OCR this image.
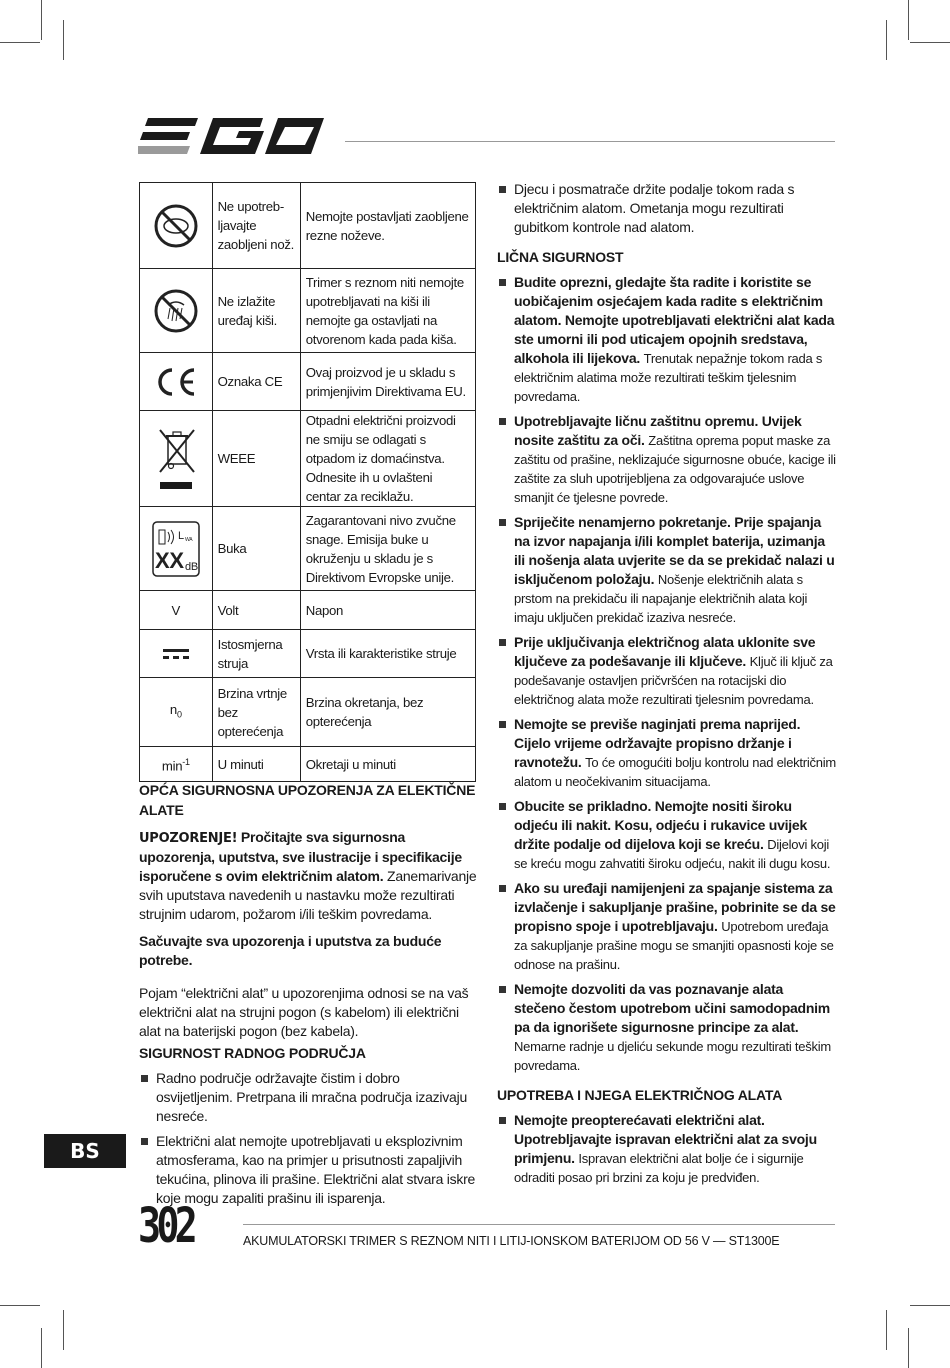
	Ne upotreb-ljavajte zaobljeni nož.	Nemojte postavljati zaobljene rezne noževe.

	Ne izlažite uređaj kiši.	Trimer s reznom niti nemojte upotrebljavati na kiši ili nemojte ga ostavljati na otvorenom kada pada kiša.

	Oznaka CE	Ovaj proizvod je u skladu s primjenjivim Direktivama EU.

	WEEE	Otpadni električni proizvodi ne smiju se odlagati s otpadom iz domaćinstva. Odnesite ih u ovlašteni centar za reciklažu.

L WA
XX dB	Buka	Zagarantovani nivo zvučne snage. Emisija buke u okruženju u skladu je s Direktivom Evropske unije.
V	Volt	Napon

	Istosmjerna struja	Vrsta ili karakteristike struje
$n_0$	Brzina vrtnje bez opterećenja	Brzina okretanja, bez opterećenja
$\min^{-1}$	U minuti	Okretaji u minuti
OPĆA SIGURNOSNA UPOZORENJA ZA ELEKTIČNE ALATE

UPOZORENJE! Pročitajte sva sigurnosna upozorenja, uputstva, sve ilustracije i specifikacije isporučene s ovim električnim alatom. Zanemarivanje svih uputstava navedenih u nastavku može rezultirati strujnim udarom, požarom i/ili teškim povredama.

Sačuvajte sva upozorenja i uputstva za buduće potrebe.

Pojam “električni alat” u upozorenjima odnosi se na vaš električni alat na strujni pogon (s kabelom) ili električni alat na baterijski pogon (bez kabela).

SIGURNOST RADNOG PODRUČJA
Radno područje održavajte čistim i dobro osvijetljenim. Pretrpana ili mračna područja izazivaju nesreće.
Električni alat nemojte upotrebljavati u eksplozivnim atmosferama, kao na primjer u prisutnosti zapaljivih tekućina, plinova ili prašine. Električni alat stvara iskre koje mogu zapaliti prašinu ili isparenja.
Djecu i posmatrače držite podalje tokom rada s električnim alatom. Ometanja mogu rezultirati gubitkom kontrole nad alatom.
LIČNA SIGURNOST
Budite oprezni, gledajte šta radite i koristite se uobičajenim osjećajem kada radite s električnim alatom. Nemojte upotrebljavati električni alat kada ste umorni ili pod uticajem opojnih sredstava, alkohola ili lijekova. Trenutak nepažnje tokom rada s električnim alatima može rezultirati teškim tjelesnim povredama.
Upotrebljavajte ličnu zaštitnu opremu. Uvijek nosite zaštitu za oči. Zaštitna oprema poput maske za zaštitu od prašine, neklizajuće sigurnosne obuće, kacige ili zaštite za sluh upotrijebljena za odgovarajuće uslove smanjit će tjelesne povrede.
Spriječite nenamjerno pokretanje. Prije spajanja na izvor napajanja i/ili komplet baterija, uzimanja ili nošenja alata uvjerite se da se prekidač nalazi u isključenom položaju. Nošenje električnih alata s prstom na prekidaču ili napajanje električnih alata koji imaju uključen prekidač izaziva nesreće.
Prije uključivanja električnog alata uklonite sve ključeve za podešavanje ili ključeve. Ključ ili ključ za podešavanje ostavljen pričvršćen na rotacijski dio električnog alata može rezultirati tjelesnim povredama.
Nemojte se previše naginjati prema naprijed. Cijelo vrijeme održavajte propisno držanje i ravnotežu. To će omogućiti bolju kontrolu nad električnim alatom u neočekivanim situacijama.
Obucite se prikladno. Nemojte nositi široku odjeću ili nakit. Kosu, odjeću i rukavice uvijek držite podalje od dijelova koji se kreću. Dijelovi koji se kreću mogu zahvatiti široku odjeću, nakit ili dugu kosu.
Ako su uređaji namijenjeni za spajanje sistema za izvlačenje i sakupljanje prašine, pobrinite se da se propisno spoje i upotrebljavaju. Upotrebom uređaja za sakupljanje prašine mogu se smanjiti opasnosti koje se odnose na prašinu.
Nemojte dozvoliti da vas poznavanje alata stečeno čestom upotrebom učini samodopadnim pa da ignorišete sigurnosne principe za alat. Nemarne radnje u djeliću sekunde mogu rezultirati teškim povredama.
UPOTREBA I NJEGA ELEKTRIČNOG ALATA
Nemojte preopterećavati električni alat. Upotrebljavajte ispravan električni alat za svoju primjenu. Ispravan električni alat bolje će i sigurnije odraditi posao pri brzini za koju je predviđen.
BS
302	AKUMULATORSKI TRIMER S REZNOM NITI I LITIJ-IONSKOM BATERIJOM OD 56 V — ST1300E
